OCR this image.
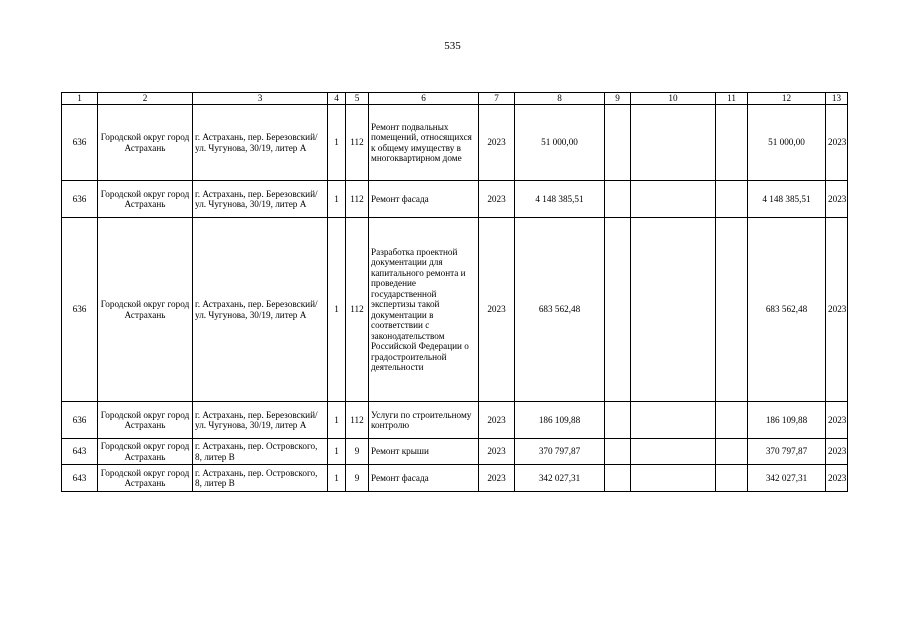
535
1	2	3	4	5	6	7	8	9	10	11	12	13
636	Городской округ город Астрахань	г. Астрахань, пер. Березовский/ ул. Чугунова, 30/19, литер А	1	112	Ремонт подвальных помещений, относящихся к общему имуществу в многоквартирном доме	2023	51 000,00				51 000,00	2023
636	Городской округ город Астрахань	г. Астрахань, пер. Березовский/ ул. Чугунова, 30/19, литер А	1	112	Ремонт фасада	2023	4 148 385,51				4 148 385,51	2023
636	Городской округ город Астрахань	г. Астрахань, пер. Березовский/ ул. Чугунова, 30/19, литер А	1	112	Разработка проектной документации для капитального ремонта и проведение государственной экспертизы такой документации в соответствии с законодательством Российской Федерации о градостроительной деятельности	2023	683 562,48				683 562,48	2023
636	Городской округ город Астрахань	г. Астрахань, пер. Березовский/ ул. Чугунова, 30/19, литер А	1	112	Услуги по строительному контролю	2023	186 109,88				186 109,88	2023
643	Городской округ город Астрахань	г. Астрахань, пер. Островского, 8, литер В	1	9	Ремонт крыши	2023	370 797,87				370 797,87	2023
643	Городской округ город Астрахань	г. Астрахань, пер. Островского, 8, литер В	1	9	Ремонт фасада	2023	342 027,31				342 027,31	2023
